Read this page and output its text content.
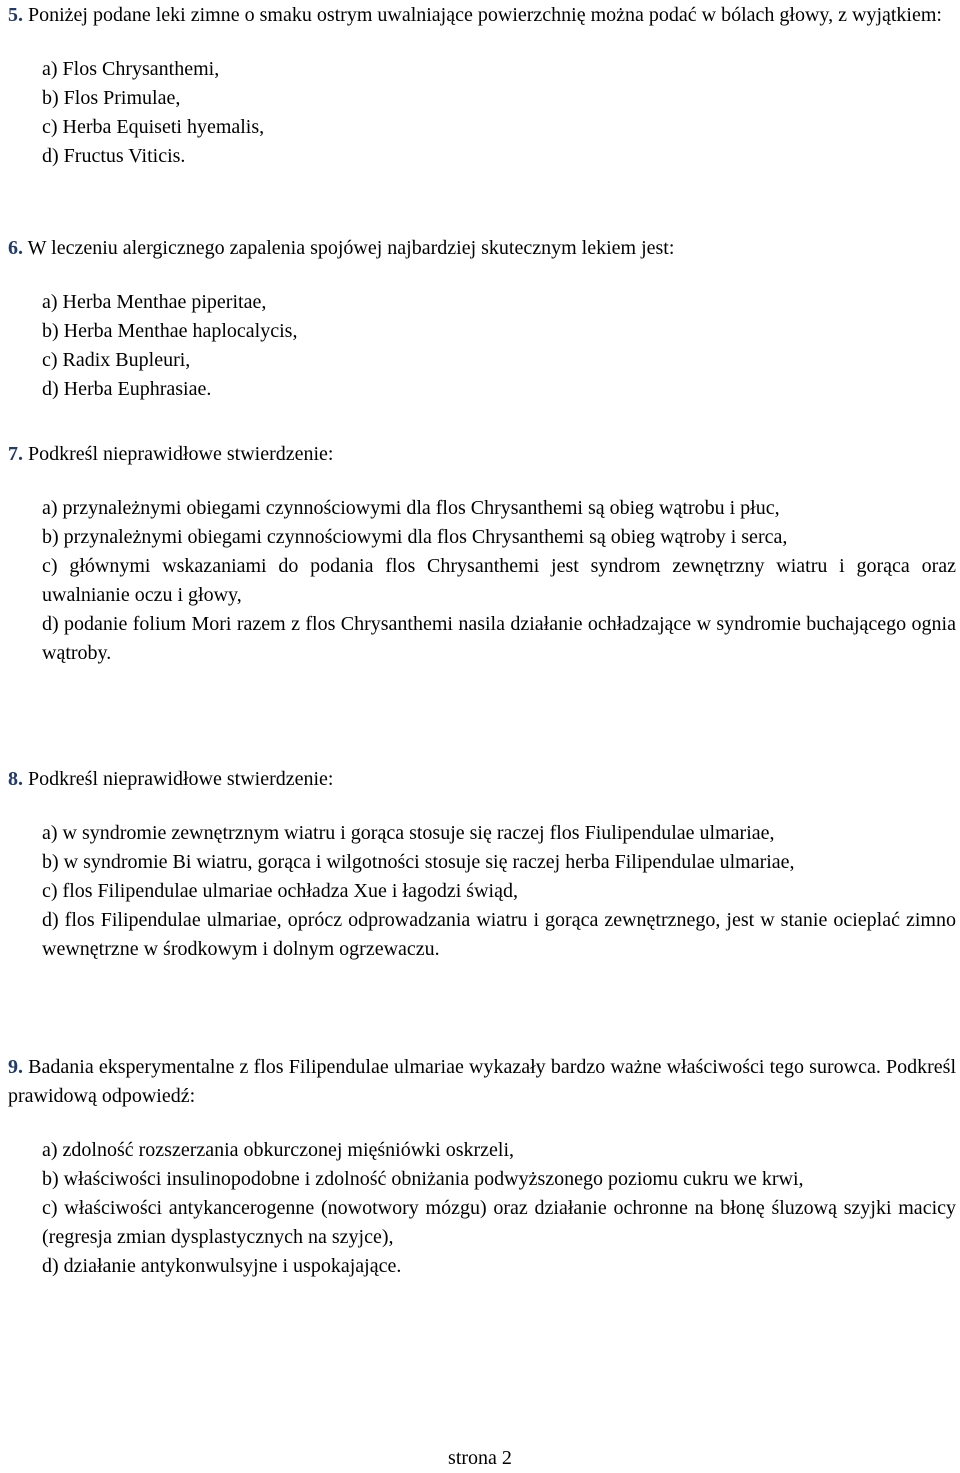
5. Poniżej podane leki zimne o smaku ostrym uwalniające powierzchnię można podać w bólach głowy, z wyjątkiem:

a) Flos Chrysanthemi,

b) Flos Primulae,

c) Herba Equiseti hyemalis,

d) Fructus Viticis.

6. W leczeniu alergicznego zapalenia spojówej najbardziej skutecznym lekiem jest:

a) Herba Menthae piperitae,

b) Herba Menthae haplocalycis,

c) Radix Bupleuri,

d) Herba Euphrasiae.

7. Podkreśl nieprawidłowe stwierdzenie:

a) przynależnymi obiegami czynnościowymi dla flos Chrysanthemi są obieg wątrobu i płuc,

b) przynależnymi obiegami czynnościowymi dla flos Chrysanthemi są obieg wątroby i serca,

c) głównymi wskazaniami do podania flos Chrysanthemi jest syndrom zewnętrzny wiatru i gorąca oraz uwalnianie oczu i głowy,

d) podanie folium Mori razem z flos Chrysanthemi nasila działanie ochładzające w syndromie buchającego ognia wątroby.

8. Podkreśl nieprawidłowe stwierdzenie:

a) w syndromie zewnętrznym wiatru i gorąca stosuje się raczej flos Fiulipendulae ulmariae,

b) w syndromie Bi wiatru, gorąca i wilgotności stosuje się raczej herba Filipendulae ulmariae,

c) flos Filipendulae ulmariae ochładza Xue i łagodzi świąd,

d) flos Filipendulae ulmariae, oprócz odprowadzania wiatru i gorąca zewnętrznego, jest w stanie ocieplać zimno wewnętrzne w środkowym i dolnym ogrzewaczu.

9. Badania eksperymentalne z flos Filipendulae ulmariae wykazały bardzo ważne właściwości tego surowca. Podkreśl prawidową odpowiedź:

a) zdolność rozszerzania obkurczonej mięśniówki oskrzeli,

b) właściwości insulinopodobne i zdolność obniżania podwyższonego poziomu cukru we krwi,

c) właściwości antykancerogenne (nowotwory mózgu) oraz działanie ochronne na błonę śluzową szyjki macicy (regresja zmian dysplastycznych na szyjce),

d) działanie antykonwulsyjne i uspokajające.

strona 2
